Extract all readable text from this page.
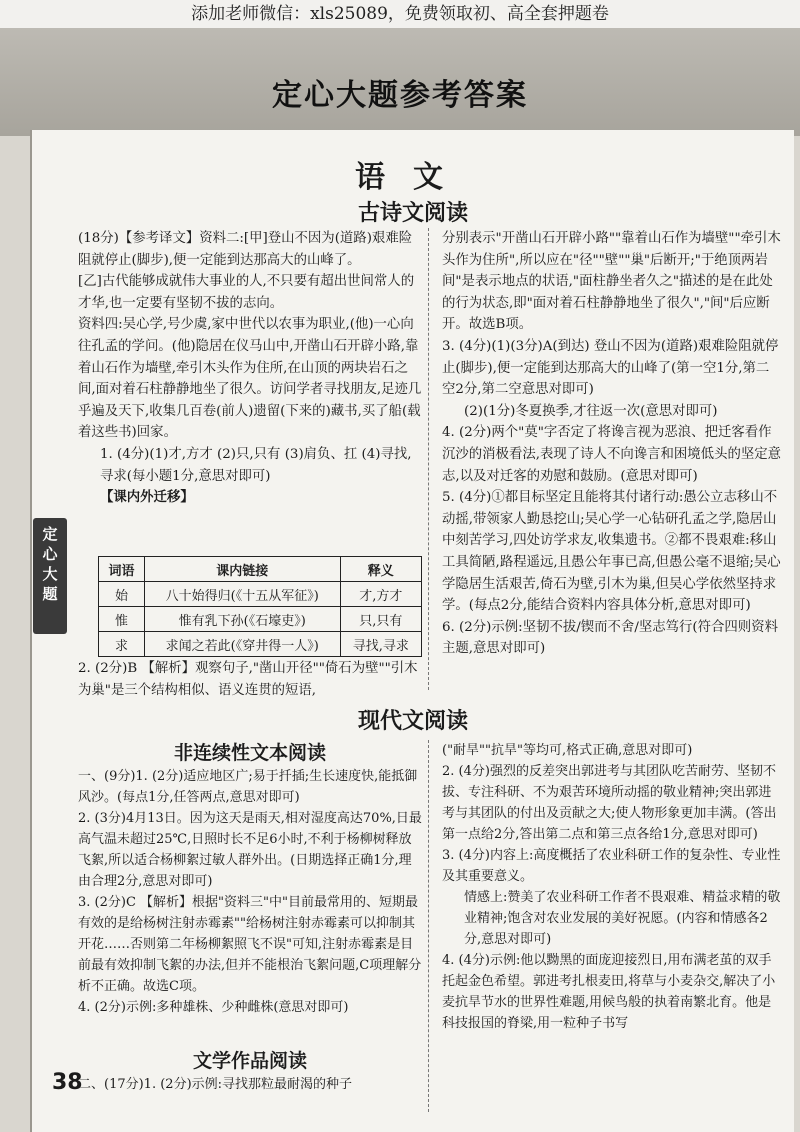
添加老师微信：xls25089，免费领取初、高全套押题卷
定心大题参考答案
语文
古诗文阅读

(18分)【参考译文】资料二:[甲]登山不因为(道路)艰难险阻就停止(脚步),便一定能到达那高大的山峰了。

[乙]古代能够成就伟大事业的人,不只要有超出世间常人的才华,也一定要有坚韧不拔的志向。

资料四:吴心学,号少虞,家中世代以农事为职业,(他)一心向往孔孟的学问。(他)隐居在仪马山中,开凿山石开辟小路,靠着山石作为墙壁,牵引木头作为住所,在山顶的两块岩石之间,面对着石柱静静地坐了很久。访问学者寻找朋友,足迹几乎遍及天下,收集几百卷(前人)遗留(下来的)藏书,买了船(载着这些书)回家。

1. (4分)(1)才,方才 (2)只,只有 (3)肩负、扛 (4)寻找,寻求(每小题1分,意思对即可)

【课内外迁移】

词语	课内链接	释义
始	八十始得归(《十五从军征》)	才,方才
惟	惟有乳下孙(《石壕吏》)	只,只有
求	求闻之若此(《穿井得一人》)	寻找,寻求

2. (2分)B 【解析】观察句子,"凿山开径""倚石为壁""引木为巢"是三个结构相似、语义连贯的短语,

分别表示"开凿山石开辟小路""靠着山石作为墙壁""牵引木头作为住所",所以应在"径""壁""巢"后断开;"于绝顶两岩间"是表示地点的状语,"面柱静坐者久之"描述的是在此处的行为状态,即"面对着石柱静静地坐了很久","间"后应断开。故选B项。

3. (4分)(1)(3分)A(到达) 登山不因为(道路)艰难险阻就停止(脚步),便一定能到达那高大的山峰了(第一空1分,第二空2分,第二空意思对即可)

(2)(1分)冬夏换季,才往返一次(意思对即可)

4. (2分)两个"莫"字否定了将谗言视为恶浪、把迁客看作沉沙的消极看法,表现了诗人不向谗言和困境低头的坚定意志,以及对迁客的劝慰和鼓励。(意思对即可)

5. (4分)①都目标坚定且能将其付诸行动:愚公立志移山不动摇,带领家人勤恳挖山;吴心学一心钻研孔孟之学,隐居山中刻苦学习,四处访学求友,收集遗书。②都不畏艰难:移山工具简陋,路程遥远,且愚公年事已高,但愚公毫不退缩;吴心学隐居生活艰苦,倚石为壁,引木为巢,但吴心学依然坚持求学。(每点2分,能结合资料内容具体分析,意思对即可)

6. (2分)示例:坚韧不拔/锲而不舍/坚志笃行(符合四则资料主题,意思对即可)

现代文阅读
非连续性文本阅读

一、(9分)1. (2分)适应地区广;易于扦插;生长速度快,能抵御风沙。(每点1分,任答两点,意思对即可)

2. (3分)4月13日。因为这天是雨天,相对湿度高达70%,日最高气温未超过25℃,日照时长不足6小时,不利于杨柳树释放飞絮,所以适合杨柳絮过敏人群外出。(日期选择正确1分,理由合理2分,意思对即可)

3. (2分)C 【解析】根据"资料三"中"目前最常用的、短期最有效的是给杨树注射赤霉素""给杨树注射赤霉素可以抑制其开花……否则第二年杨柳絮照飞不误"可知,注射赤霉素是目前最有效抑制飞絮的办法,但并不能根治飞絮问题,C项理解分析不正确。故选C项。

4. (2分)示例:多种雄株、少种雌株(意思对即可)

文学作品阅读

二、(17分)1. (2分)示例:寻找那粒最耐渴的种子

("耐旱""抗旱"等均可,格式正确,意思对即可)

2. (4分)强烈的反差突出郭进考与其团队吃苦耐劳、坚韧不拔、专注科研、不为艰苦环境所动摇的敬业精神;突出郭进考与其团队的付出及贡献之大;使人物形象更加丰满。(答出第一点给2分,答出第二点和第三点各给1分,意思对即可)

3. (4分)内容上:高度概括了农业科研工作的复杂性、专业性及其重要意义。

情感上:赞美了农业科研工作者不畏艰难、精益求精的敬业精神;饱含对农业发展的美好祝愿。(内容和情感各2分,意思对即可)

4. (4分)示例:他以黝黑的面庞迎接烈日,用布满老茧的双手托起金色希望。郭进考扎根麦田,将草与小麦杂交,解决了小麦抗旱节水的世界性难题,用候鸟般的执着南繁北育。他是科技报国的脊梁,用一粒种子书写

定
心
大
题
38
